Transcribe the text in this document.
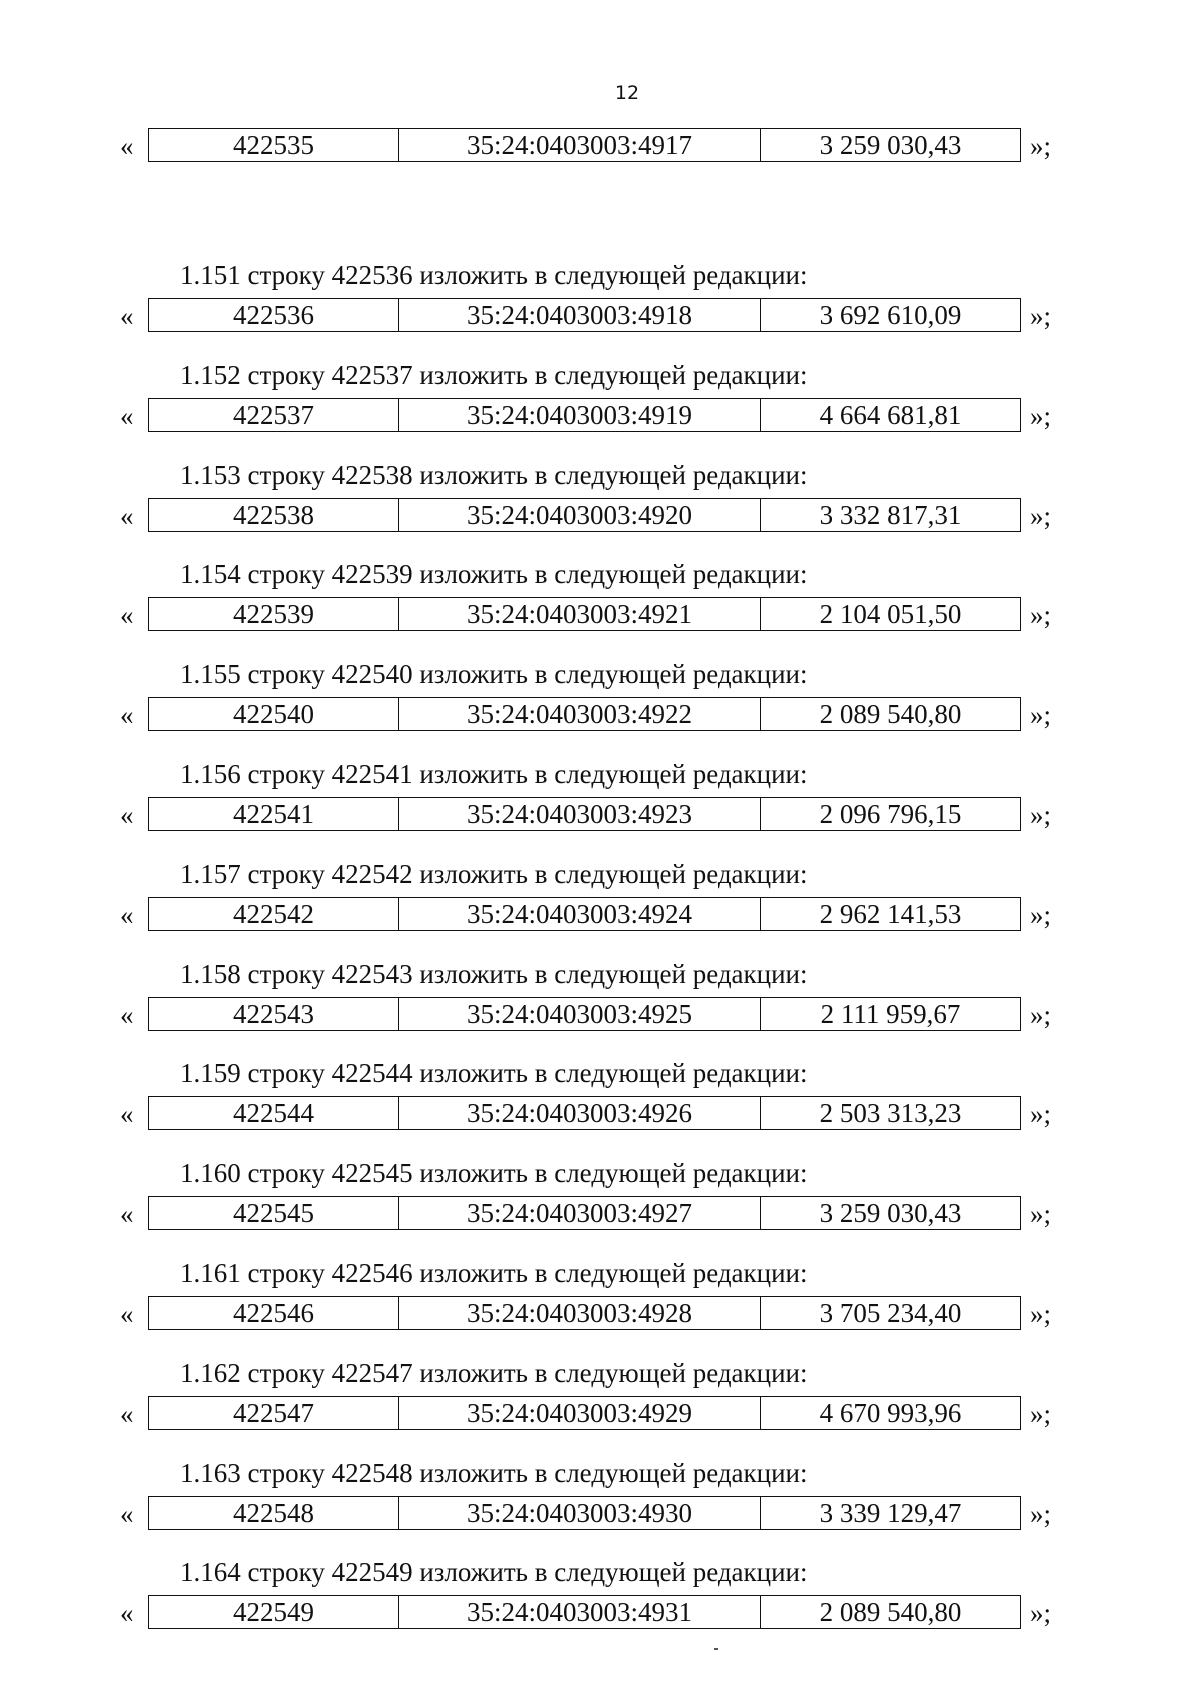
12
«	422535	35:24:0403003:4917	3 259 030,43	»;
1.151 строку 422536 изложить в следующей редакции:
«	422536	35:24:0403003:4918	3 692 610,09	»;
1.152 строку 422537 изложить в следующей редакции:
«	422537	35:24:0403003:4919	4 664 681,81	»;
1.153 строку 422538 изложить в следующей редакции:
«	422538	35:24:0403003:4920	3 332 817,31	»;
1.154 строку 422539 изложить в следующей редакции:
«	422539	35:24:0403003:4921	2 104 051,50	»;
1.155 строку 422540 изложить в следующей редакции:
«	422540	35:24:0403003:4922	2 089 540,80	»;
1.156 строку 422541 изложить в следующей редакции:
«	422541	35:24:0403003:4923	2 096 796,15	»;
1.157 строку 422542 изложить в следующей редакции:
«	422542	35:24:0403003:4924	2 962 141,53	»;
1.158 строку 422543 изложить в следующей редакции:
«	422543	35:24:0403003:4925	2 111 959,67	»;
1.159 строку 422544 изложить в следующей редакции:
«	422544	35:24:0403003:4926	2 503 313,23	»;
1.160 строку 422545 изложить в следующей редакции:
«	422545	35:24:0403003:4927	3 259 030,43	»;
1.161 строку 422546 изложить в следующей редакции:
«	422546	35:24:0403003:4928	3 705 234,40	»;
1.162 строку 422547 изложить в следующей редакции:
«	422547	35:24:0403003:4929	4 670 993,96	»;
1.163 строку 422548 изложить в следующей редакции:
«	422548	35:24:0403003:4930	3 339 129,47	»;
1.164 строку 422549 изложить в следующей редакции:
«	422549	35:24:0403003:4931	2 089 540,80	»;
